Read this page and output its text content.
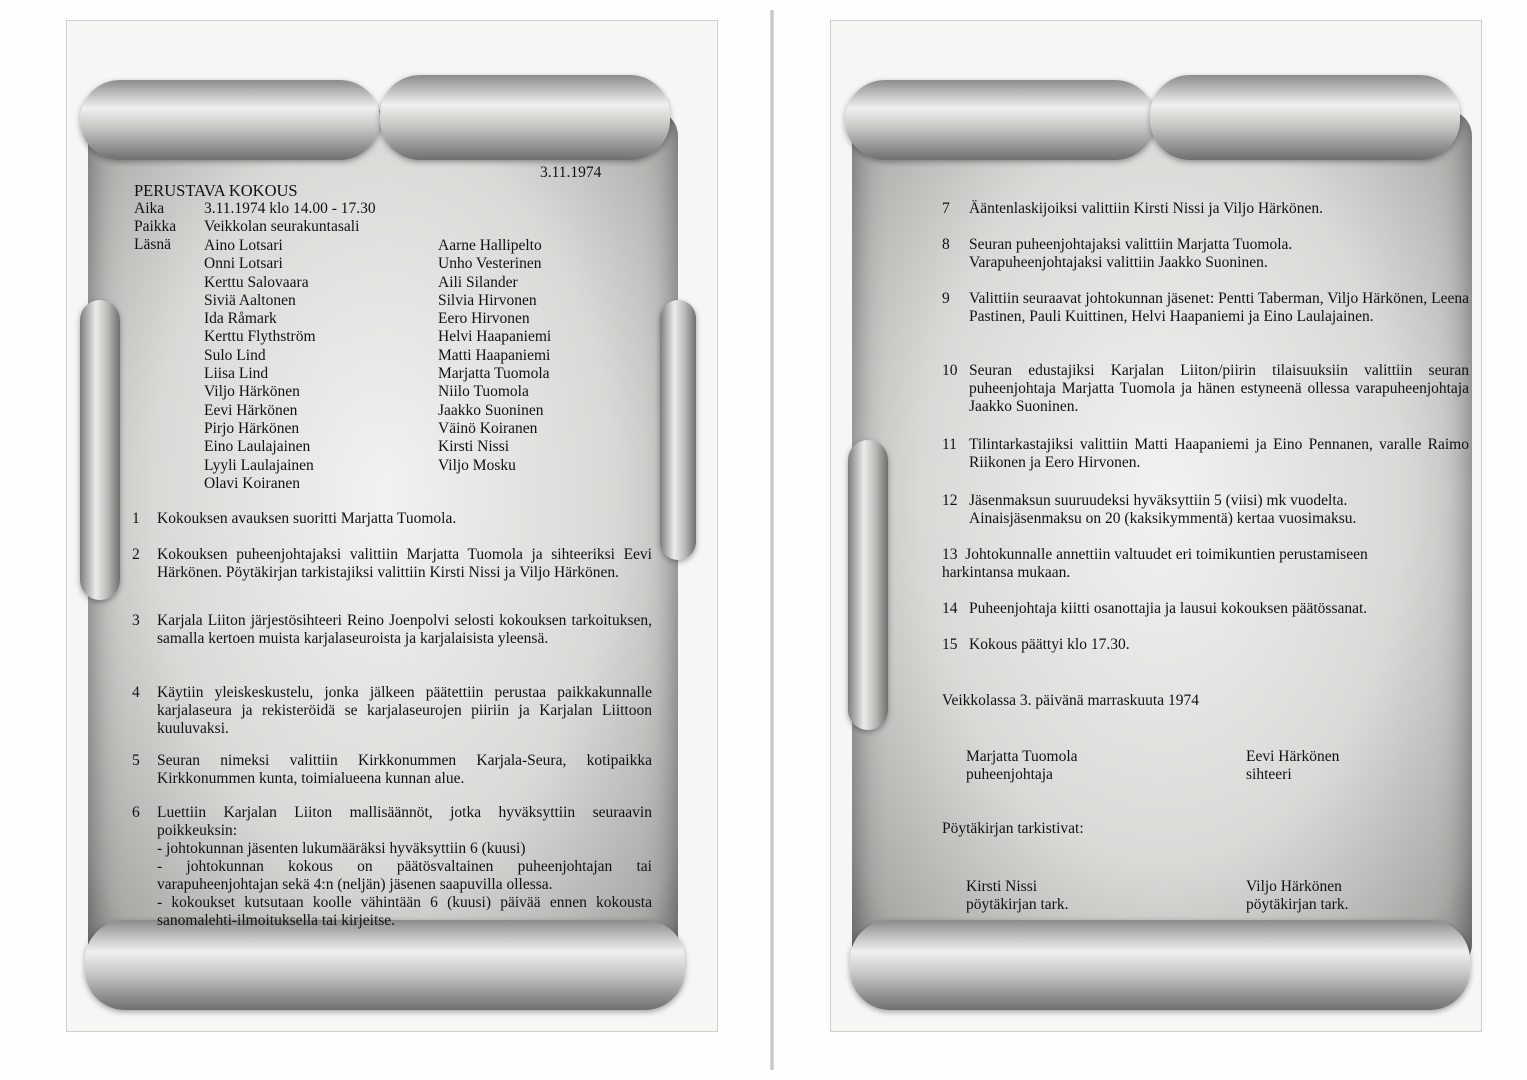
3.11.1974
PERUSTAVA KOKOUS
Aika	3.11.1974 klo 14.00 - 17.30
Paikka Veikkolan seurakuntasali
Läsnä Aino Lotsari
Onni Lotsari
Kerttu Salovaara
Siviä Aaltonen
Ida Råmark
Kerttu Flythström
Sulo Lind
Liisa Lind
Viljo Härkönen
Eevi Härkönen
Pirjo Härkönen
Eino Laulajainen
Lyyli Laulajainen
Olavi Koiranen
Aarne Hallipelto
Unho Vesterinen
Aili Silander
Silvia Hirvonen
Eero Hirvonen
Helvi Haapaniemi
Matti Haapaniemi
Marjatta Tuomola
Niilo Tuomola
Jaakko Suoninen
Väinö Koiranen
Kirsti Nissi
Viljo Mosku
1 Kokouksen avauksen suoritti Marjatta Tuomola.
2 Kokouksen puheenjohtajaksi valittiin Marjatta Tuomola ja sihteeriksi Eevi Härkönen. Pöytäkirjan tarkistajiksi valittiin Kirsti Nissi ja Viljo Härkönen.
3 Karjala Liiton järjestösihteeri Reino Joenpolvi selosti kokouksen tarkoituksen, samalla kertoen muista karjalaseuroista ja karjalaisista yleensä.
4 Käytiin yleiskeskustelu, jonka jälkeen päätettiin perustaa paikkakunnalle karjalaseura ja rekisteröidä se karjalaseurojen piiriin ja Karjalan Liittoon kuuluvaksi.
5 Seuran nimeksi valittiin Kirkkonummen Karjala-Seura, kotipaikka Kirkkonummen kunta, toimialueena kunnan alue.
6 Luettiin Karjalan Liiton mallisäännöt, jotka hyväksyttiin seuraavin poikkeuksin:
- johtokunnan jäsenten lukumääräksi hyväksyttiin 6 (kuusi)
- johtokunnan kokous on päätösvaltainen puheenjohtajan tai varapuheenjohtajan sekä 4:n (neljän) jäsenen saapuvilla ollessa.
- kokoukset kutsutaan koolle vähintään 6 (kuusi) päivää ennen kokousta sanomalehti-ilmoituksella tai kirjeitse.
7 Ääntenlaskijoiksi valittiin Kirsti Nissi ja Viljo Härkönen.
8 Seuran puheenjohtajaksi valittiin Marjatta Tuomola. Varapuheenjohtajaksi valittiin Jaakko Suoninen.
9 Valittiin seuraavat johtokunnan jäsenet: Pentti Taberman, Viljo Härkönen, Leena Pastinen, Pauli Kuittinen, Helvi Haapaniemi ja Eino Laulajainen.
10 Seuran edustajiksi Karjalan Liiton/piirin tilaisuuksiin valittiin seuran puheenjohtaja Marjatta Tuomola ja hänen estyneenä ollessa varapuheenjohtaja Jaakko Suoninen.
11 Tilintarkastajiksi valittiin Matti Haapaniemi ja Eino Pennanen, varalle Raimo Riikonen ja Eero Hirvonen.
12 Jäsenmaksun suuruudeksi hyväksyttiin 5 (viisi) mk vuodelta. Ainaisjäsenmaksu on 20 (kaksikymmentä) kertaa vuosimaksu.
13 Johtokunnalle annettiin valtuudet eri toimikuntien perustamiseen harkintansa mukaan.
14 Puheenjohtaja kiitti osanottajia ja lausui kokouksen päätössanat.
15 Kokous päättyi klo 17.30.
Veikkolassa 3. päivänä marraskuuta 1974
Marjatta Tuomola
puheenjohtaja
Eevi Härkönen
sihteeri
Pöytäkirjan tarkistivat:
Kirsti Nissi
pöytäkirjan tark.
Viljo Härkönen
pöytäkirjan tark.
